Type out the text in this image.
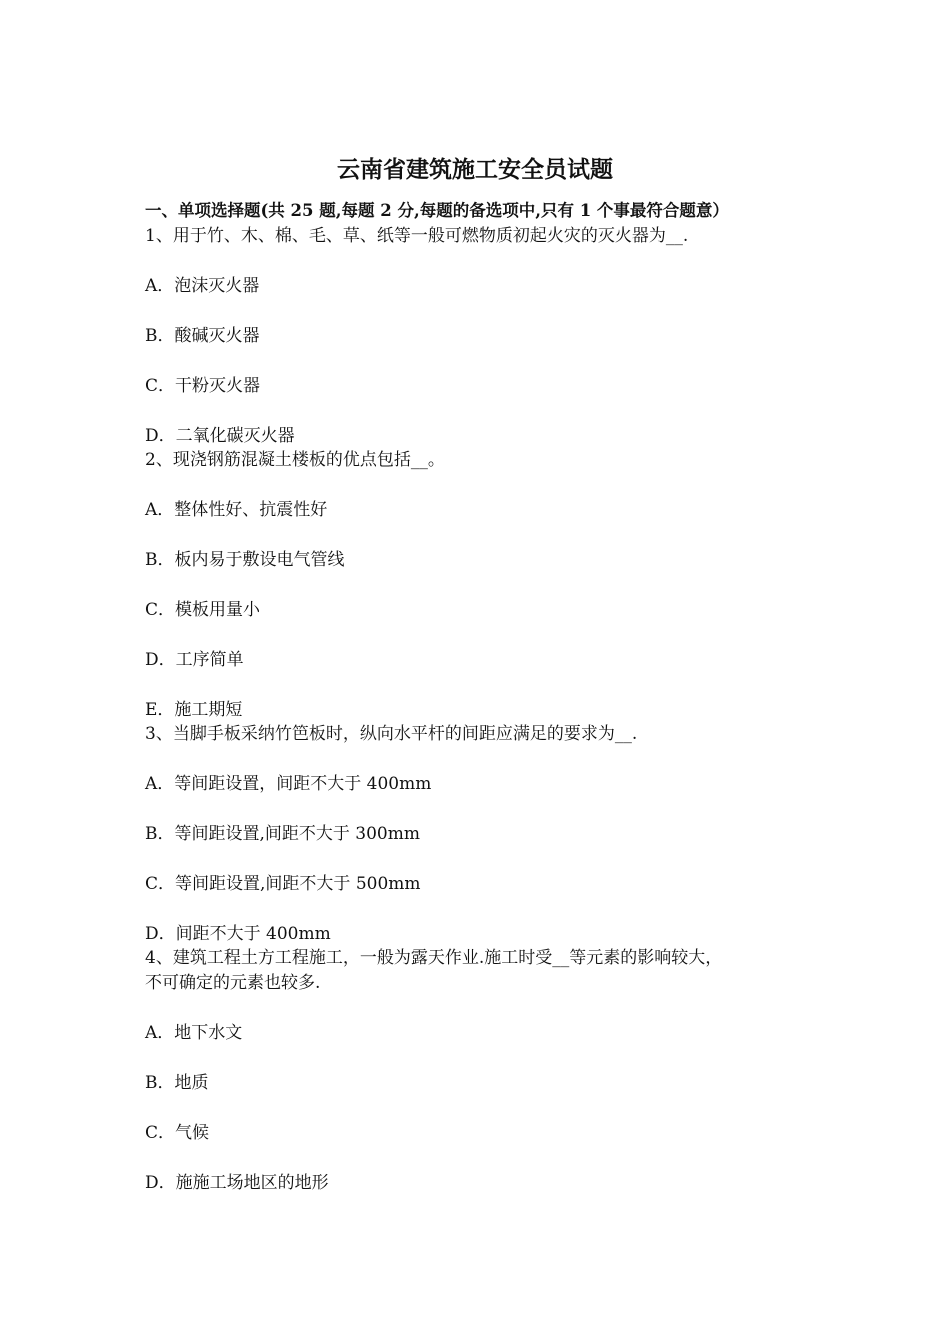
云南省建筑施工安全员试题
一、单项选择题(共 25 题,每题 2 分,每题的备选项中,只有 1 个事最符合题意）
1、用于竹、木、棉、毛、草、纸等一般可燃物质初起火灾的灭火器为__.
A．泡沫灭火器
B．酸碱灭火器
C．干粉灭火器
D．二氧化碳灭火器
2、现浇钢筋混凝土楼板的优点包括__。
A．整体性好、抗震性好
B．板内易于敷设电气管线
C．模板用量小
D．工序简单
E．施工期短
3、当脚手板采纳竹笆板时，纵向水平杆的间距应满足的要求为__.
A．等间距设置，间距不大于 400mm
B．等间距设置,间距不大于 300mm
C．等间距设置,间距不大于 500mm
D．间距不大于 400mm
4、建筑工程土方工程施工，一般为露天作业.施工时受__等元素的影响较大，
不可确定的元素也较多.
A．地下水文
B．地质
C．气候
D．施施工场地区的地形
